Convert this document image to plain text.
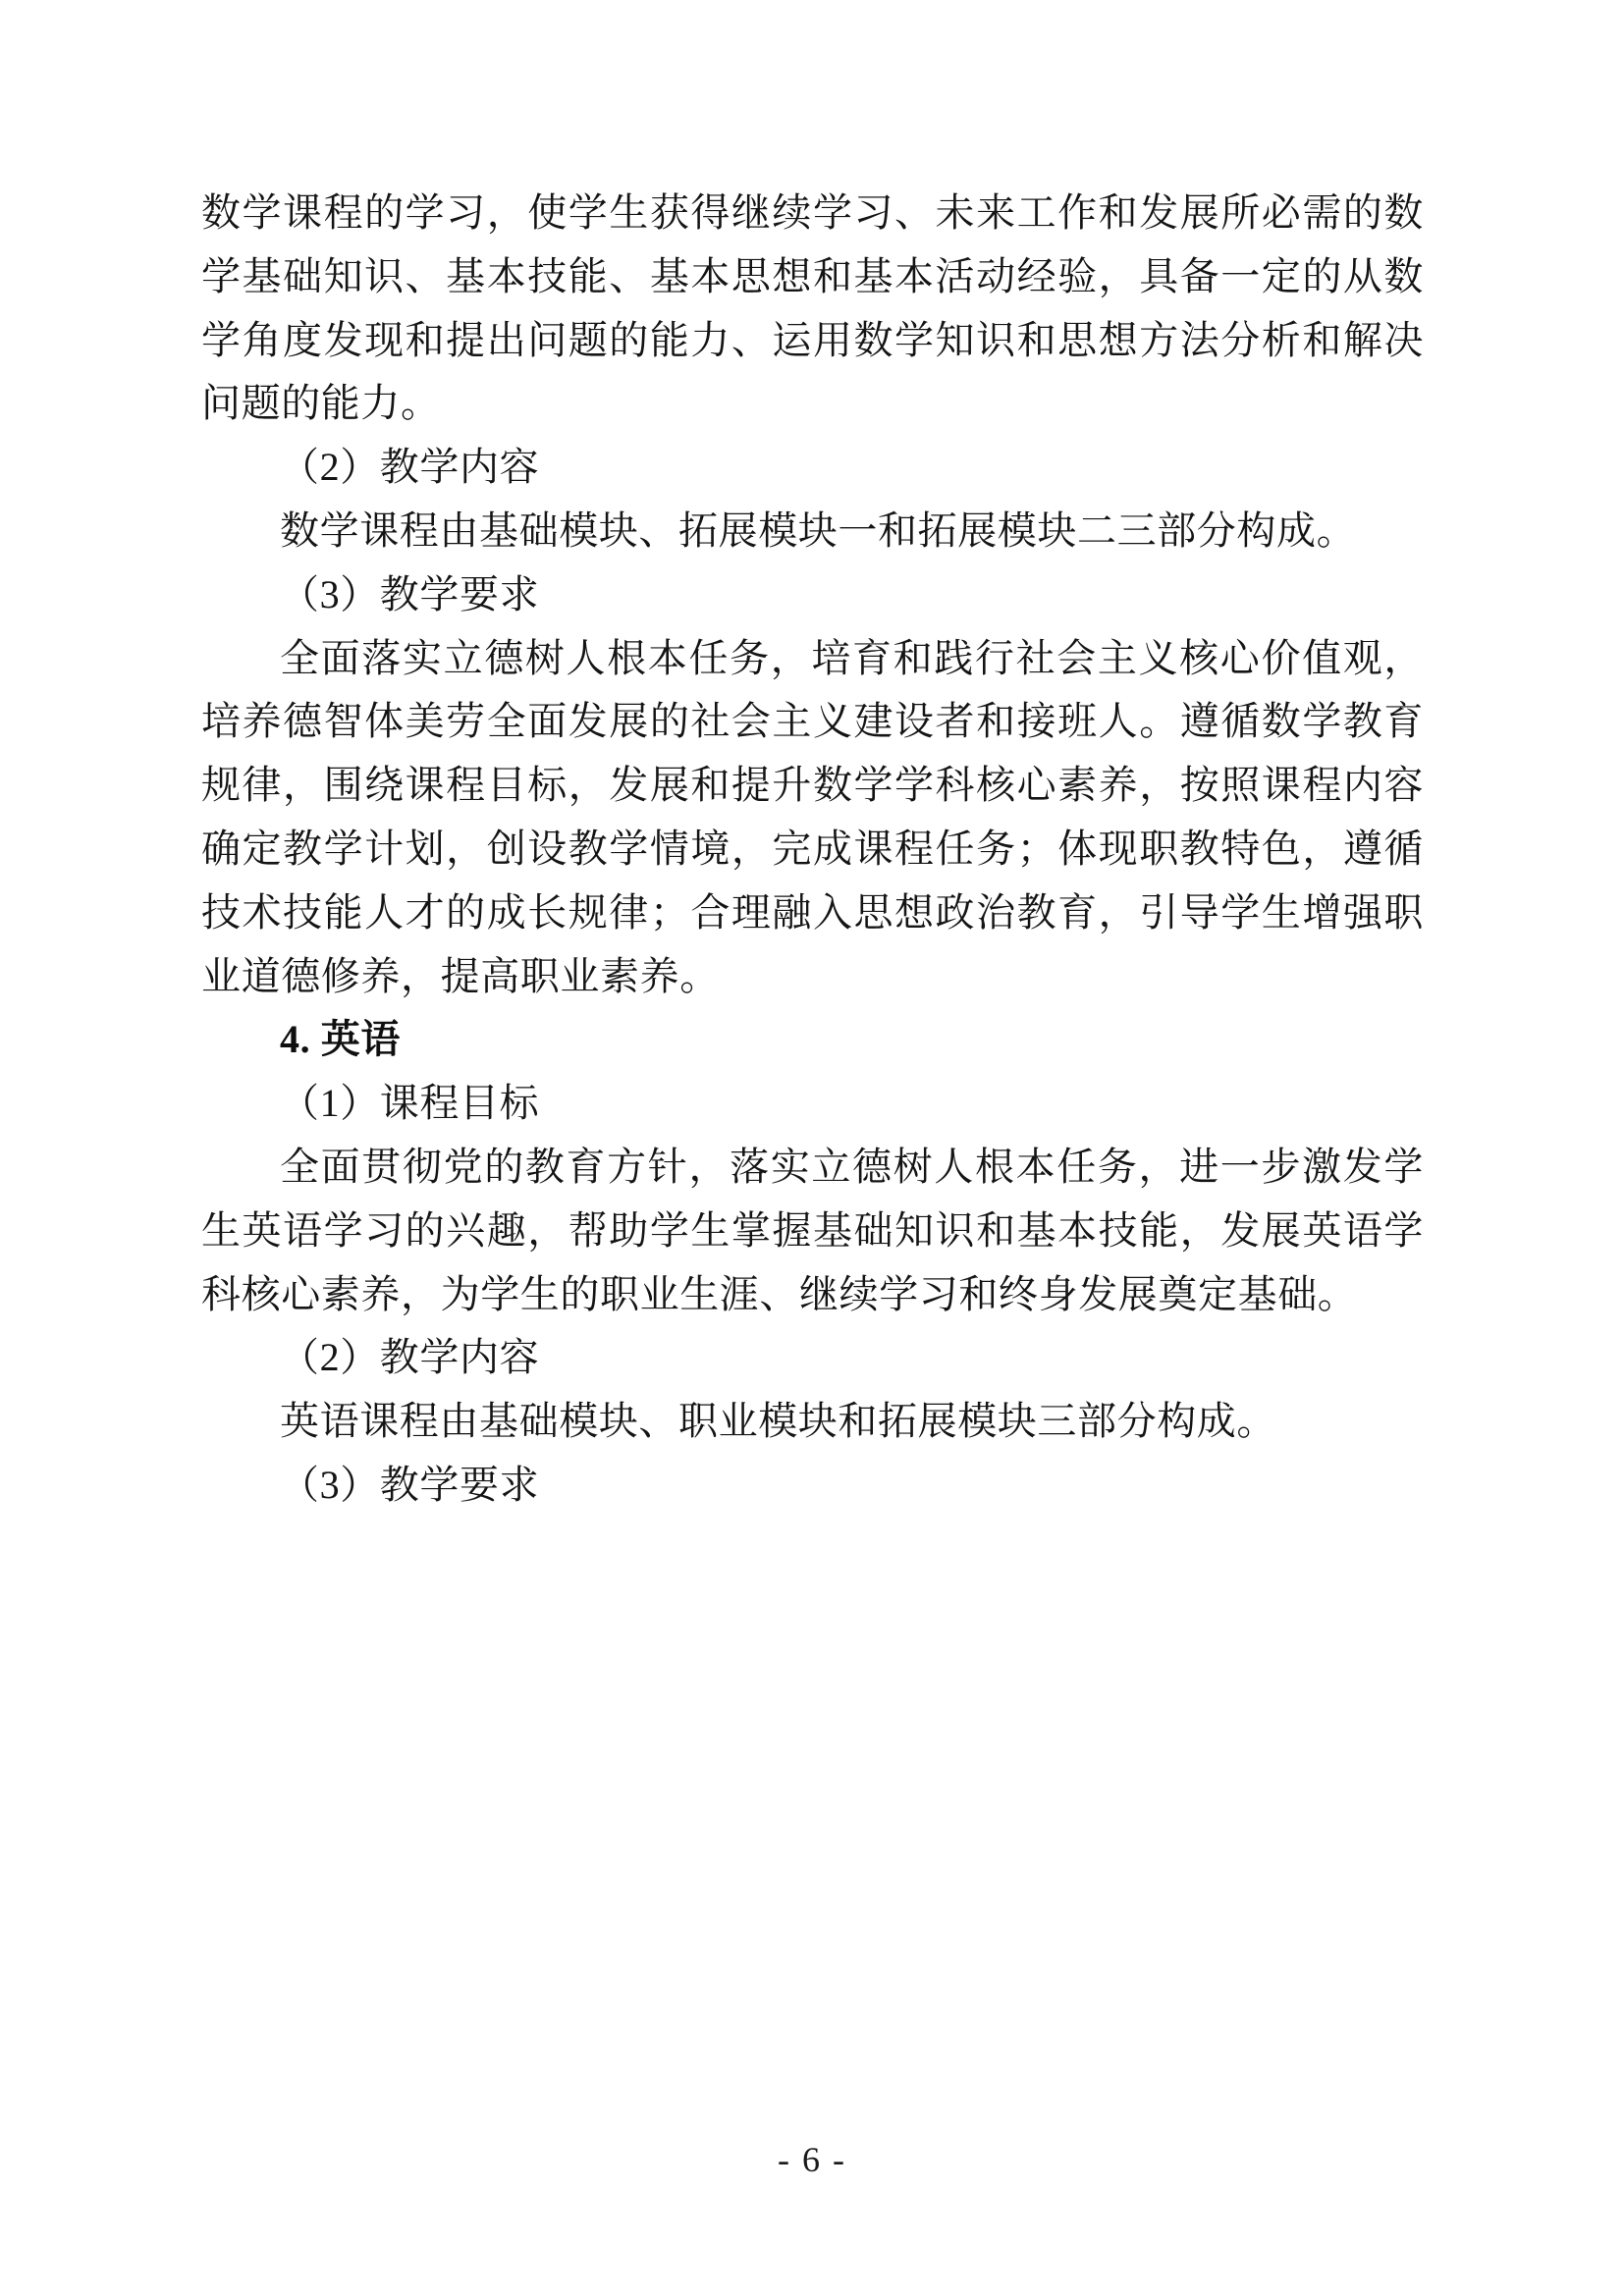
数学课程的学习，使学生获得继续学习、未来工作和发展所必需的数学基础知识、基本技能、基本思想和基本活动经验，具备一定的从数学角度发现和提出问题的能力、运用数学知识和思想方法分析和解决问题的能力。

（2）教学内容

数学课程由基础模块、拓展模块一和拓展模块二三部分构成。

（3）教学要求

全面落实立德树人根本任务，培育和践行社会主义核心价值观，培养德智体美劳全面发展的社会主义建设者和接班人。遵循数学教育规律，围绕课程目标，发展和提升数学学科核心素养，按照课程内容确定教学计划，创设教学情境，完成课程任务；体现职教特色，遵循技术技能人才的成长规律；合理融入思想政治教育，引导学生增强职业道德修养，提高职业素养。

4. 英语

（1）课程目标

全面贯彻党的教育方针，落实立德树人根本任务，进一步激发学生英语学习的兴趣，帮助学生掌握基础知识和基本技能，发展英语学科核心素养，为学生的职业生涯、继续学习和终身发展奠定基础。

（2）教学内容

英语课程由基础模块、职业模块和拓展模块三部分构成。

（3）教学要求

- 6 -
